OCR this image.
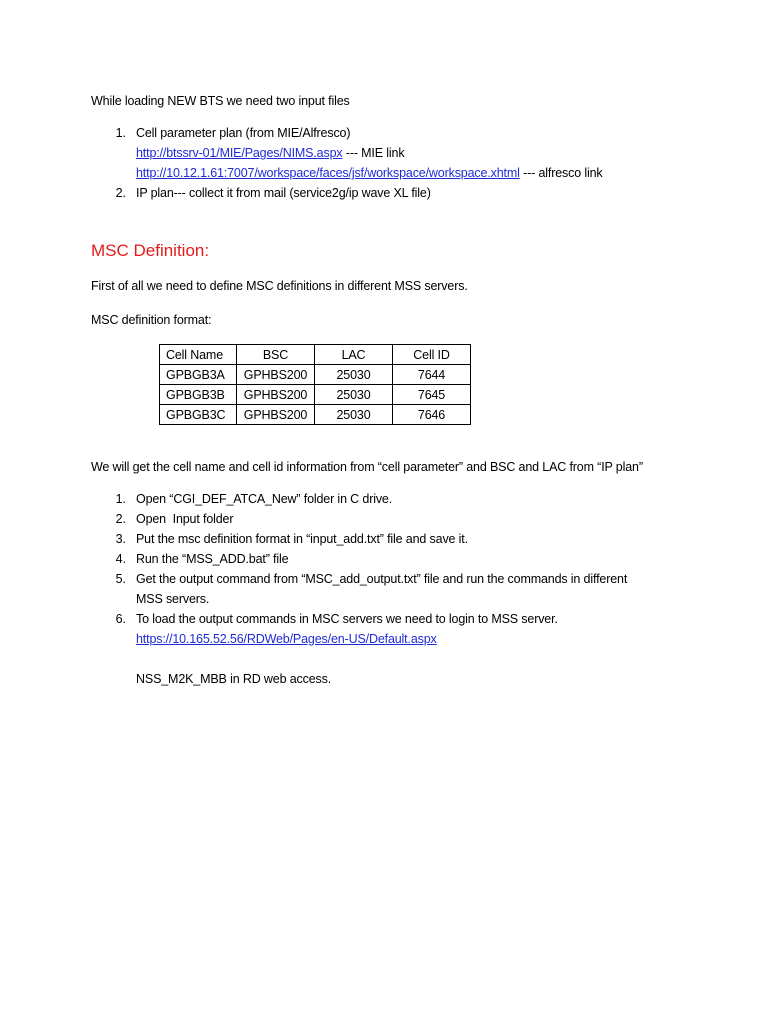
While loading NEW BTS we need two input files
1. Cell parameter plan (from MIE/Alfresco)
http://btssrv-01/MIE/Pages/NIMS.aspx --- MIE link
http://10.12.1.61:7007/workspace/faces/jsf/workspace/workspace.xhtml --- alfresco link
2. IP plan--- collect it from mail (service2g/ip wave XL file)
MSC Definition:
First of all we need to define MSC definitions in different MSS servers.
MSC definition format:
Cell Name	BSC	LAC	Cell ID
GPBGB3A	GPHBS200	25030	7644
GPBGB3B	GPHBS200	25030	7645
GPBGB3C	GPHBS200	25030	7646
We will get the cell name and cell id information from “cell parameter” and BSC and LAC from “IP plan”
1. Open “CGI_DEF_ATCA_New” folder in C drive.
2. Open  Input folder
3. Put the msc definition format in “input_add.txt” file and save it.
4. Run the “MSS_ADD.bat” file
5. Get the output command from “MSC_add_output.txt” file and run the commands in different
MSS servers.
6. To load the output commands in MSC servers we need to login to MSS server.
https://10.165.52.56/RDWeb/Pages/en-US/Default.aspx
NSS_M2K_MBB in RD web access.
